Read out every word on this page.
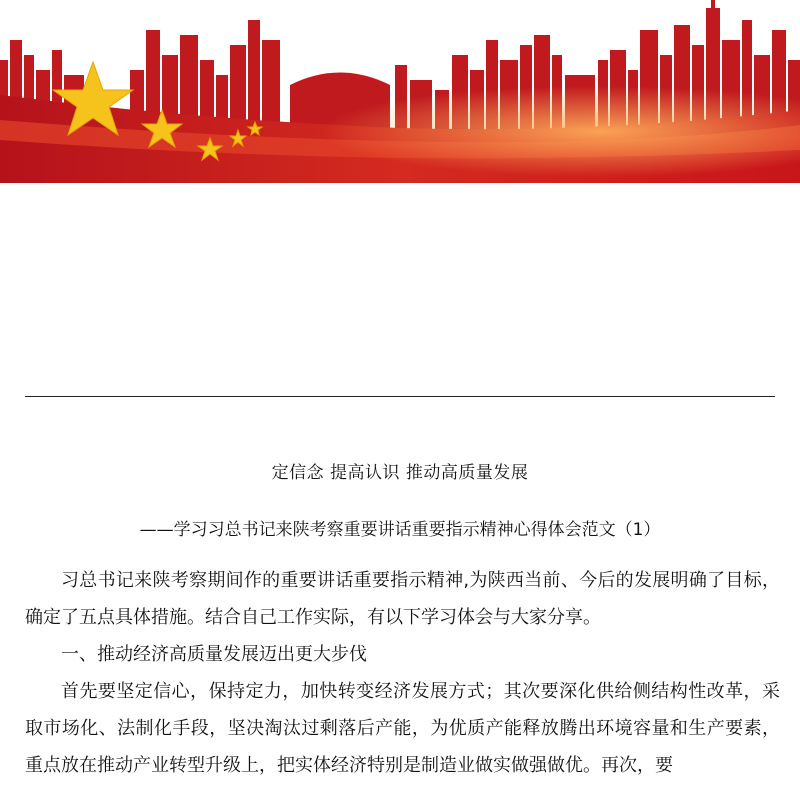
定信念 提高认识 推动高质量发展
——学习习总书记来陕考察重要讲话重要指示精神心得体会范文（1）

习总书记来陕考察期间作的重要讲话重要指示精神,为陕西当前、今后的发展明确了目标，确定了五点具体措施。结合自己工作实际，有以下学习体会与大家分享。

一、推动经济高质量发展迈出更大步伐

首先要坚定信心，保持定力，加快转变经济发展方式；其次要深化供给侧结构性改革，采取市场化、法制化手段，坚决淘汰过剩落后产能，为优质产能释放腾出环境容量和生产要素，重点放在推动产业转型升级上，把实体经济特别是制造业做实做强做优。再次，要
